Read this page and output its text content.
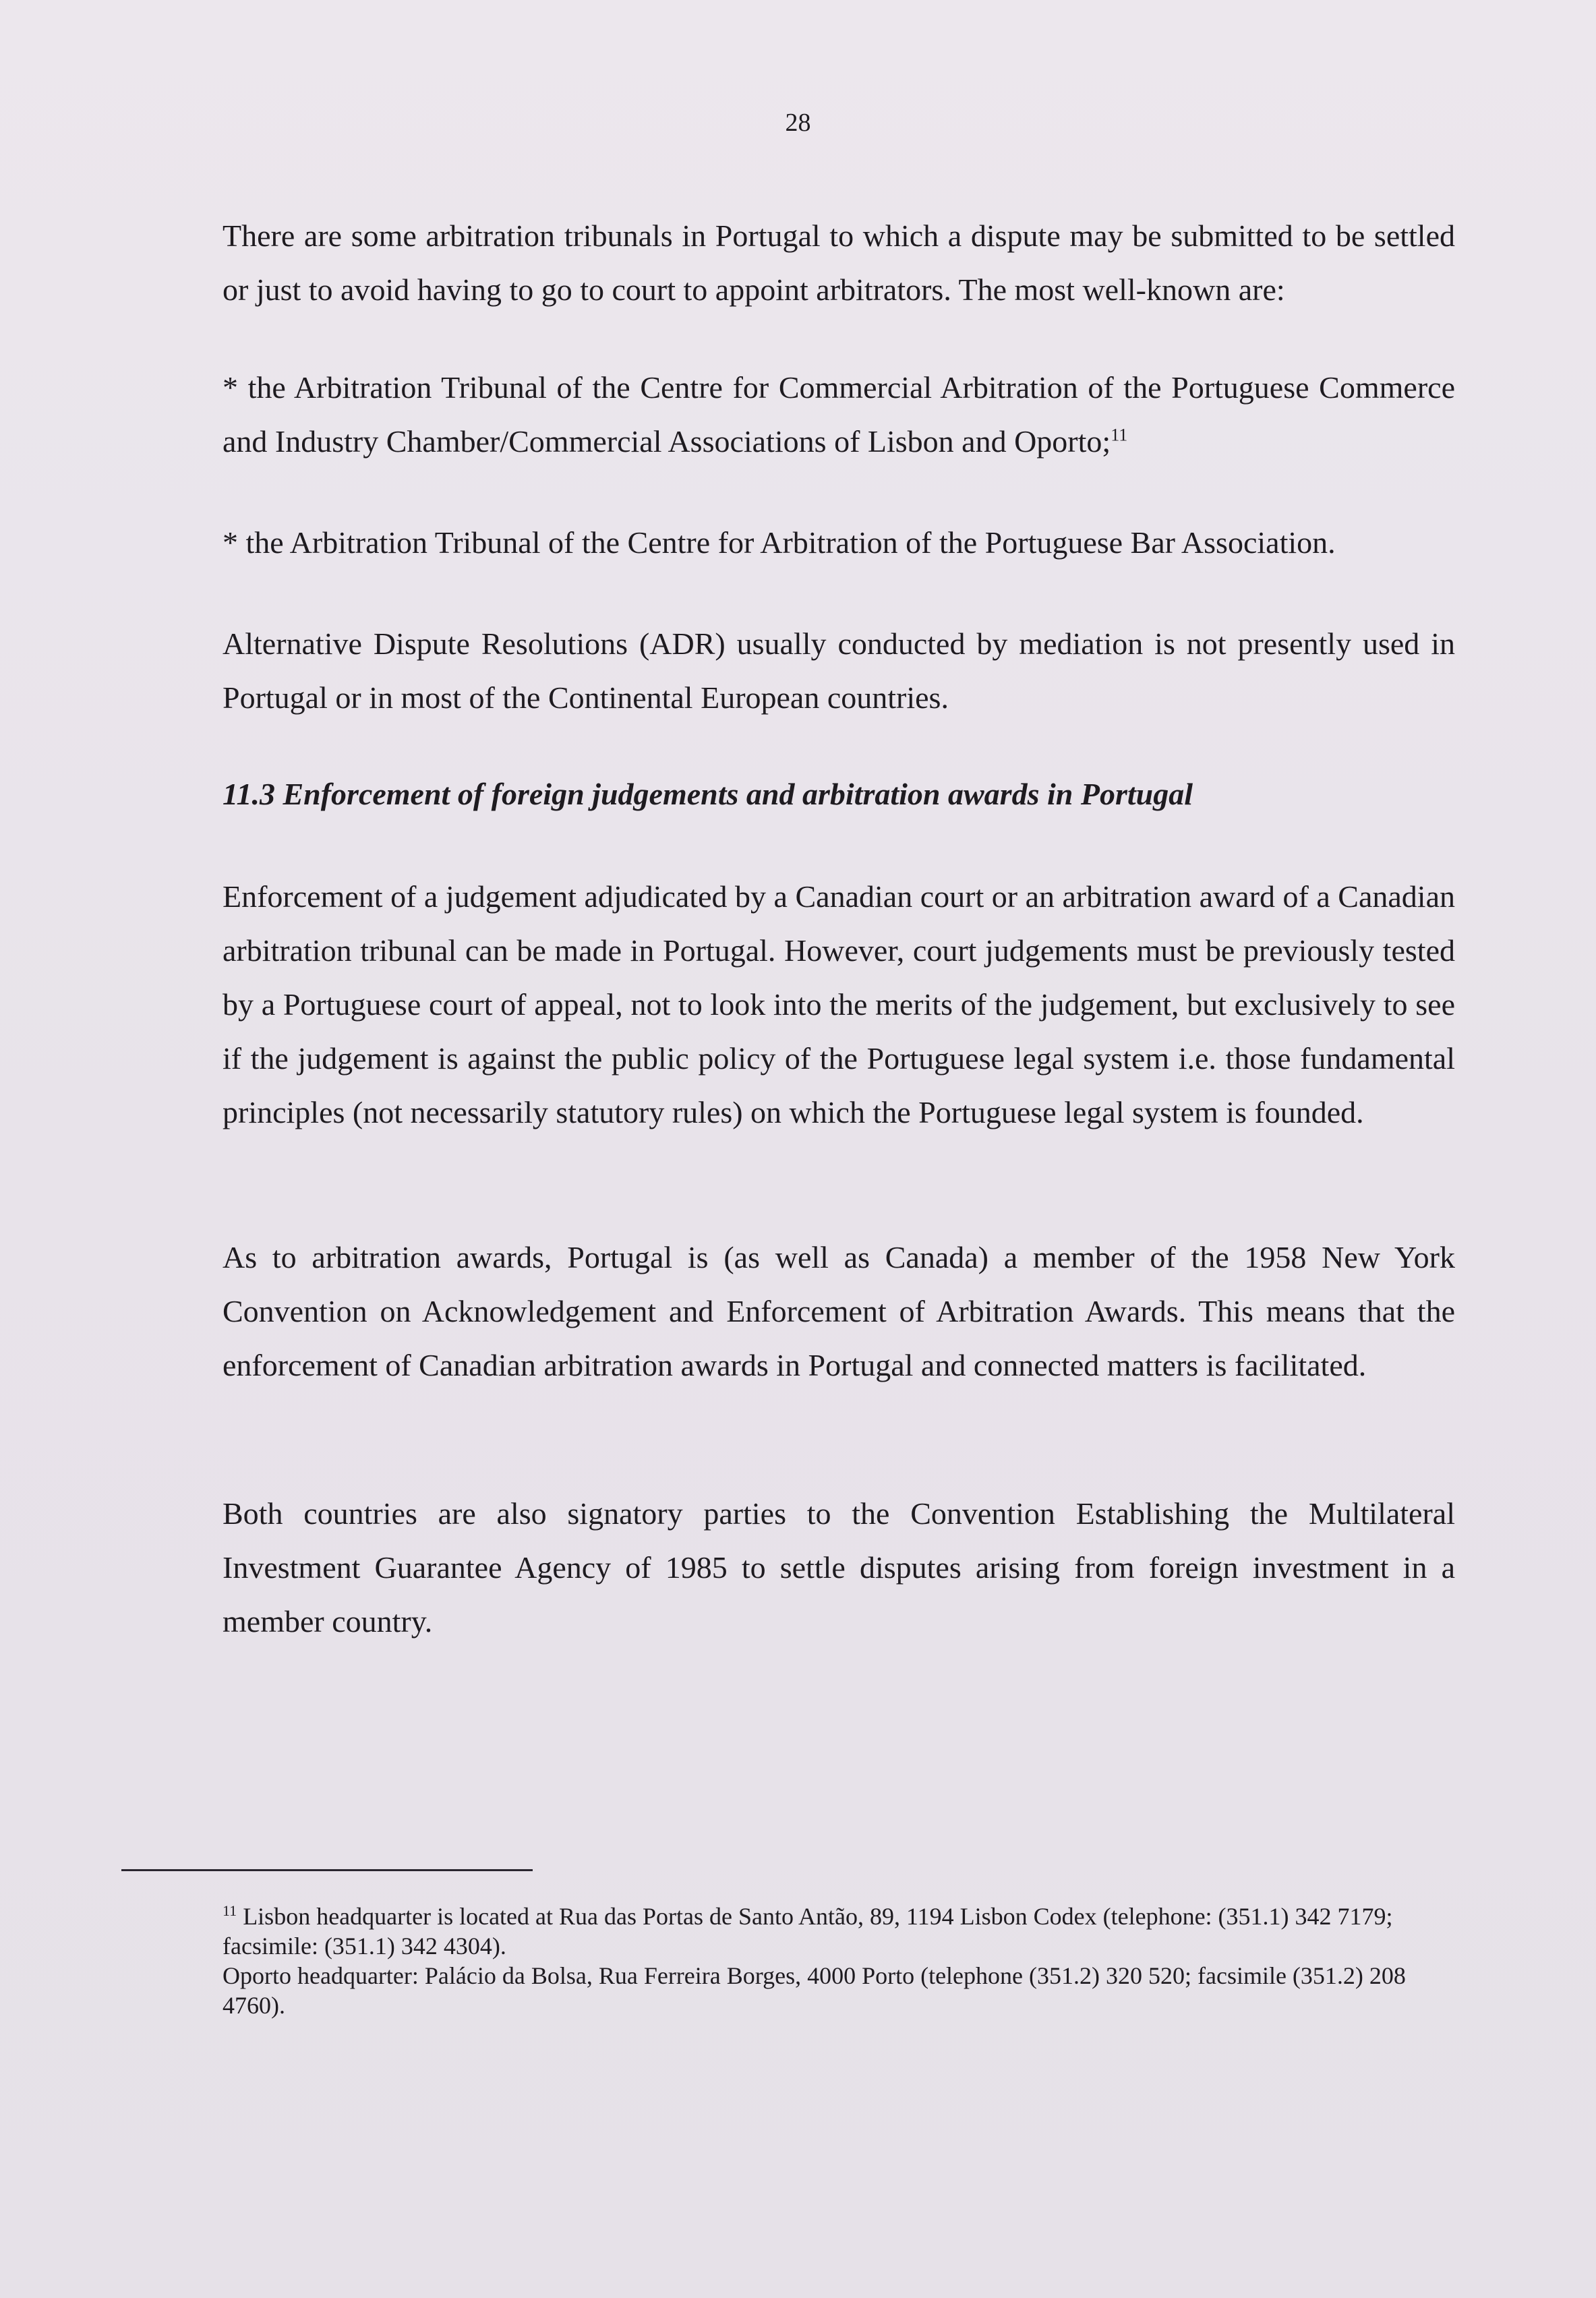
28

There are some arbitration tribunals in Portugal to which a dispute may be submitted to be settled or just to avoid having to go to court to appoint arbitrators. The most well-known are:

* the Arbitration Tribunal of the Centre for Commercial Arbitration of the Portuguese Commerce and Industry Chamber/Commercial Associations of Lisbon and Oporto;$^{11}$

* the Arbitration Tribunal of the Centre for Arbitration of the Portuguese Bar Association.

Alternative Dispute Resolutions (ADR) usually conducted by mediation is not presently used in Portugal or in most of the Continental European countries.

11.3 Enforcement of foreign judgements and arbitration awards in Portugal

Enforcement of a judgement adjudicated by a Canadian court or an arbitration award of a Canadian arbitration tribunal can be made in Portugal. However, court judgements must be previously tested by a Portuguese court of appeal, not to look into the merits of the judgement, but exclusively to see if the judgement is against the public policy of the Portuguese legal system i.e. those fundamental principles (not necessarily statutory rules) on which the Portuguese legal system is founded.

As to arbitration awards, Portugal is (as well as Canada) a member of the 1958 New York Convention on Acknowledgement and Enforcement of Arbitration Awards. This means that the enforcement of Canadian arbitration awards in Portugal and connected matters is facilitated.

Both countries are also signatory parties to the Convention Establishing the Multilateral Investment Guarantee Agency of 1985 to settle disputes arising from foreign investment in a member country.

$^{11}$ Lisbon headquarter is located at Rua das Portas de Santo Antão, 89, 1194 Lisbon Codex (telephone: (351.1) 342 7179; facsimile: (351.1) 342 4304).

Oporto headquarter: Palácio da Bolsa, Rua Ferreira Borges, 4000 Porto (telephone (351.2) 320 520; facsimile (351.2) 208 4760).
